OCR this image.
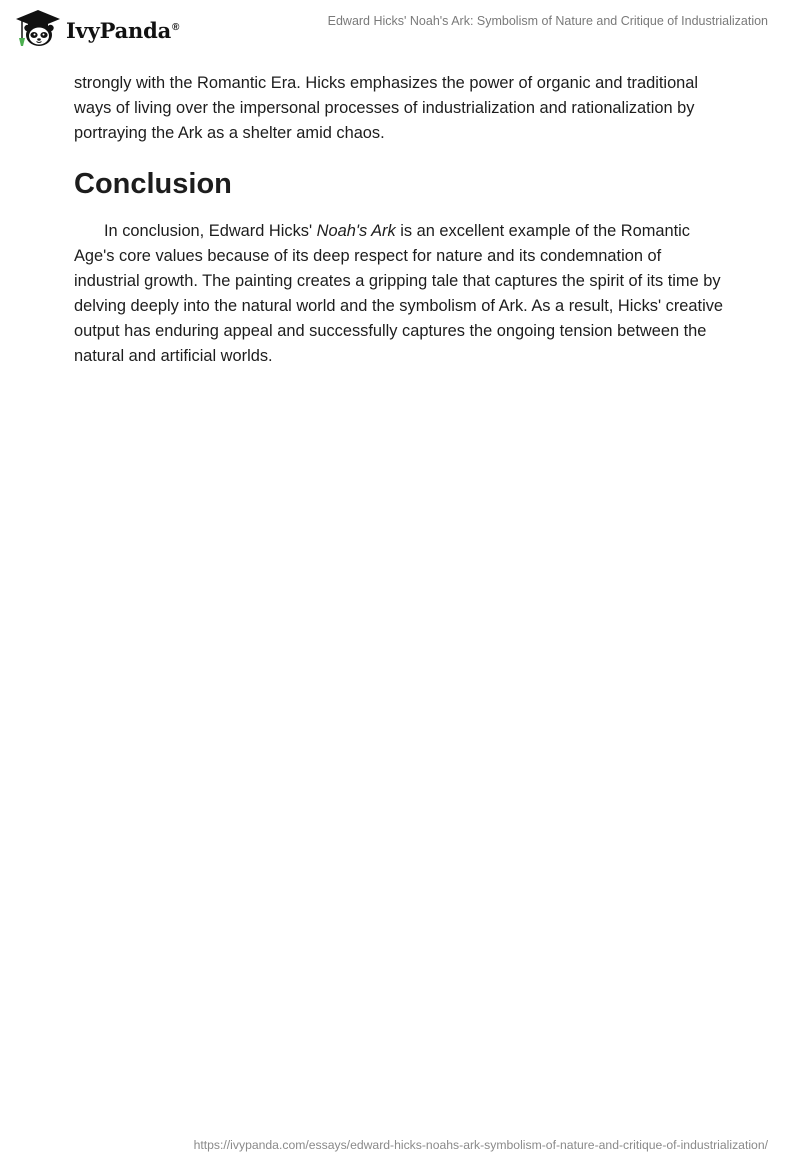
IvyPanda®	Edward Hicks' Noah's Ark: Symbolism of Nature and Critique of Industrialization

strongly with the Romantic Era. Hicks emphasizes the power of organic and traditional ways of living over the impersonal processes of industrialization and rationalization by portraying the Ark as a shelter amid chaos.

Conclusion

In conclusion, Edward Hicks' Noah's Ark is an excellent example of the Romantic Age's core values because of its deep respect for nature and its condemnation of industrial growth. The painting creates a gripping tale that captures the spirit of its time by delving deeply into the natural world and the symbolism of Ark. As a result, Hicks' creative output has enduring appeal and successfully captures the ongoing tension between the natural and artificial worlds.

https://ivypanda.com/essays/edward-hicks-noahs-ark-symbolism-of-nature-and-critique-of-industrialization/
